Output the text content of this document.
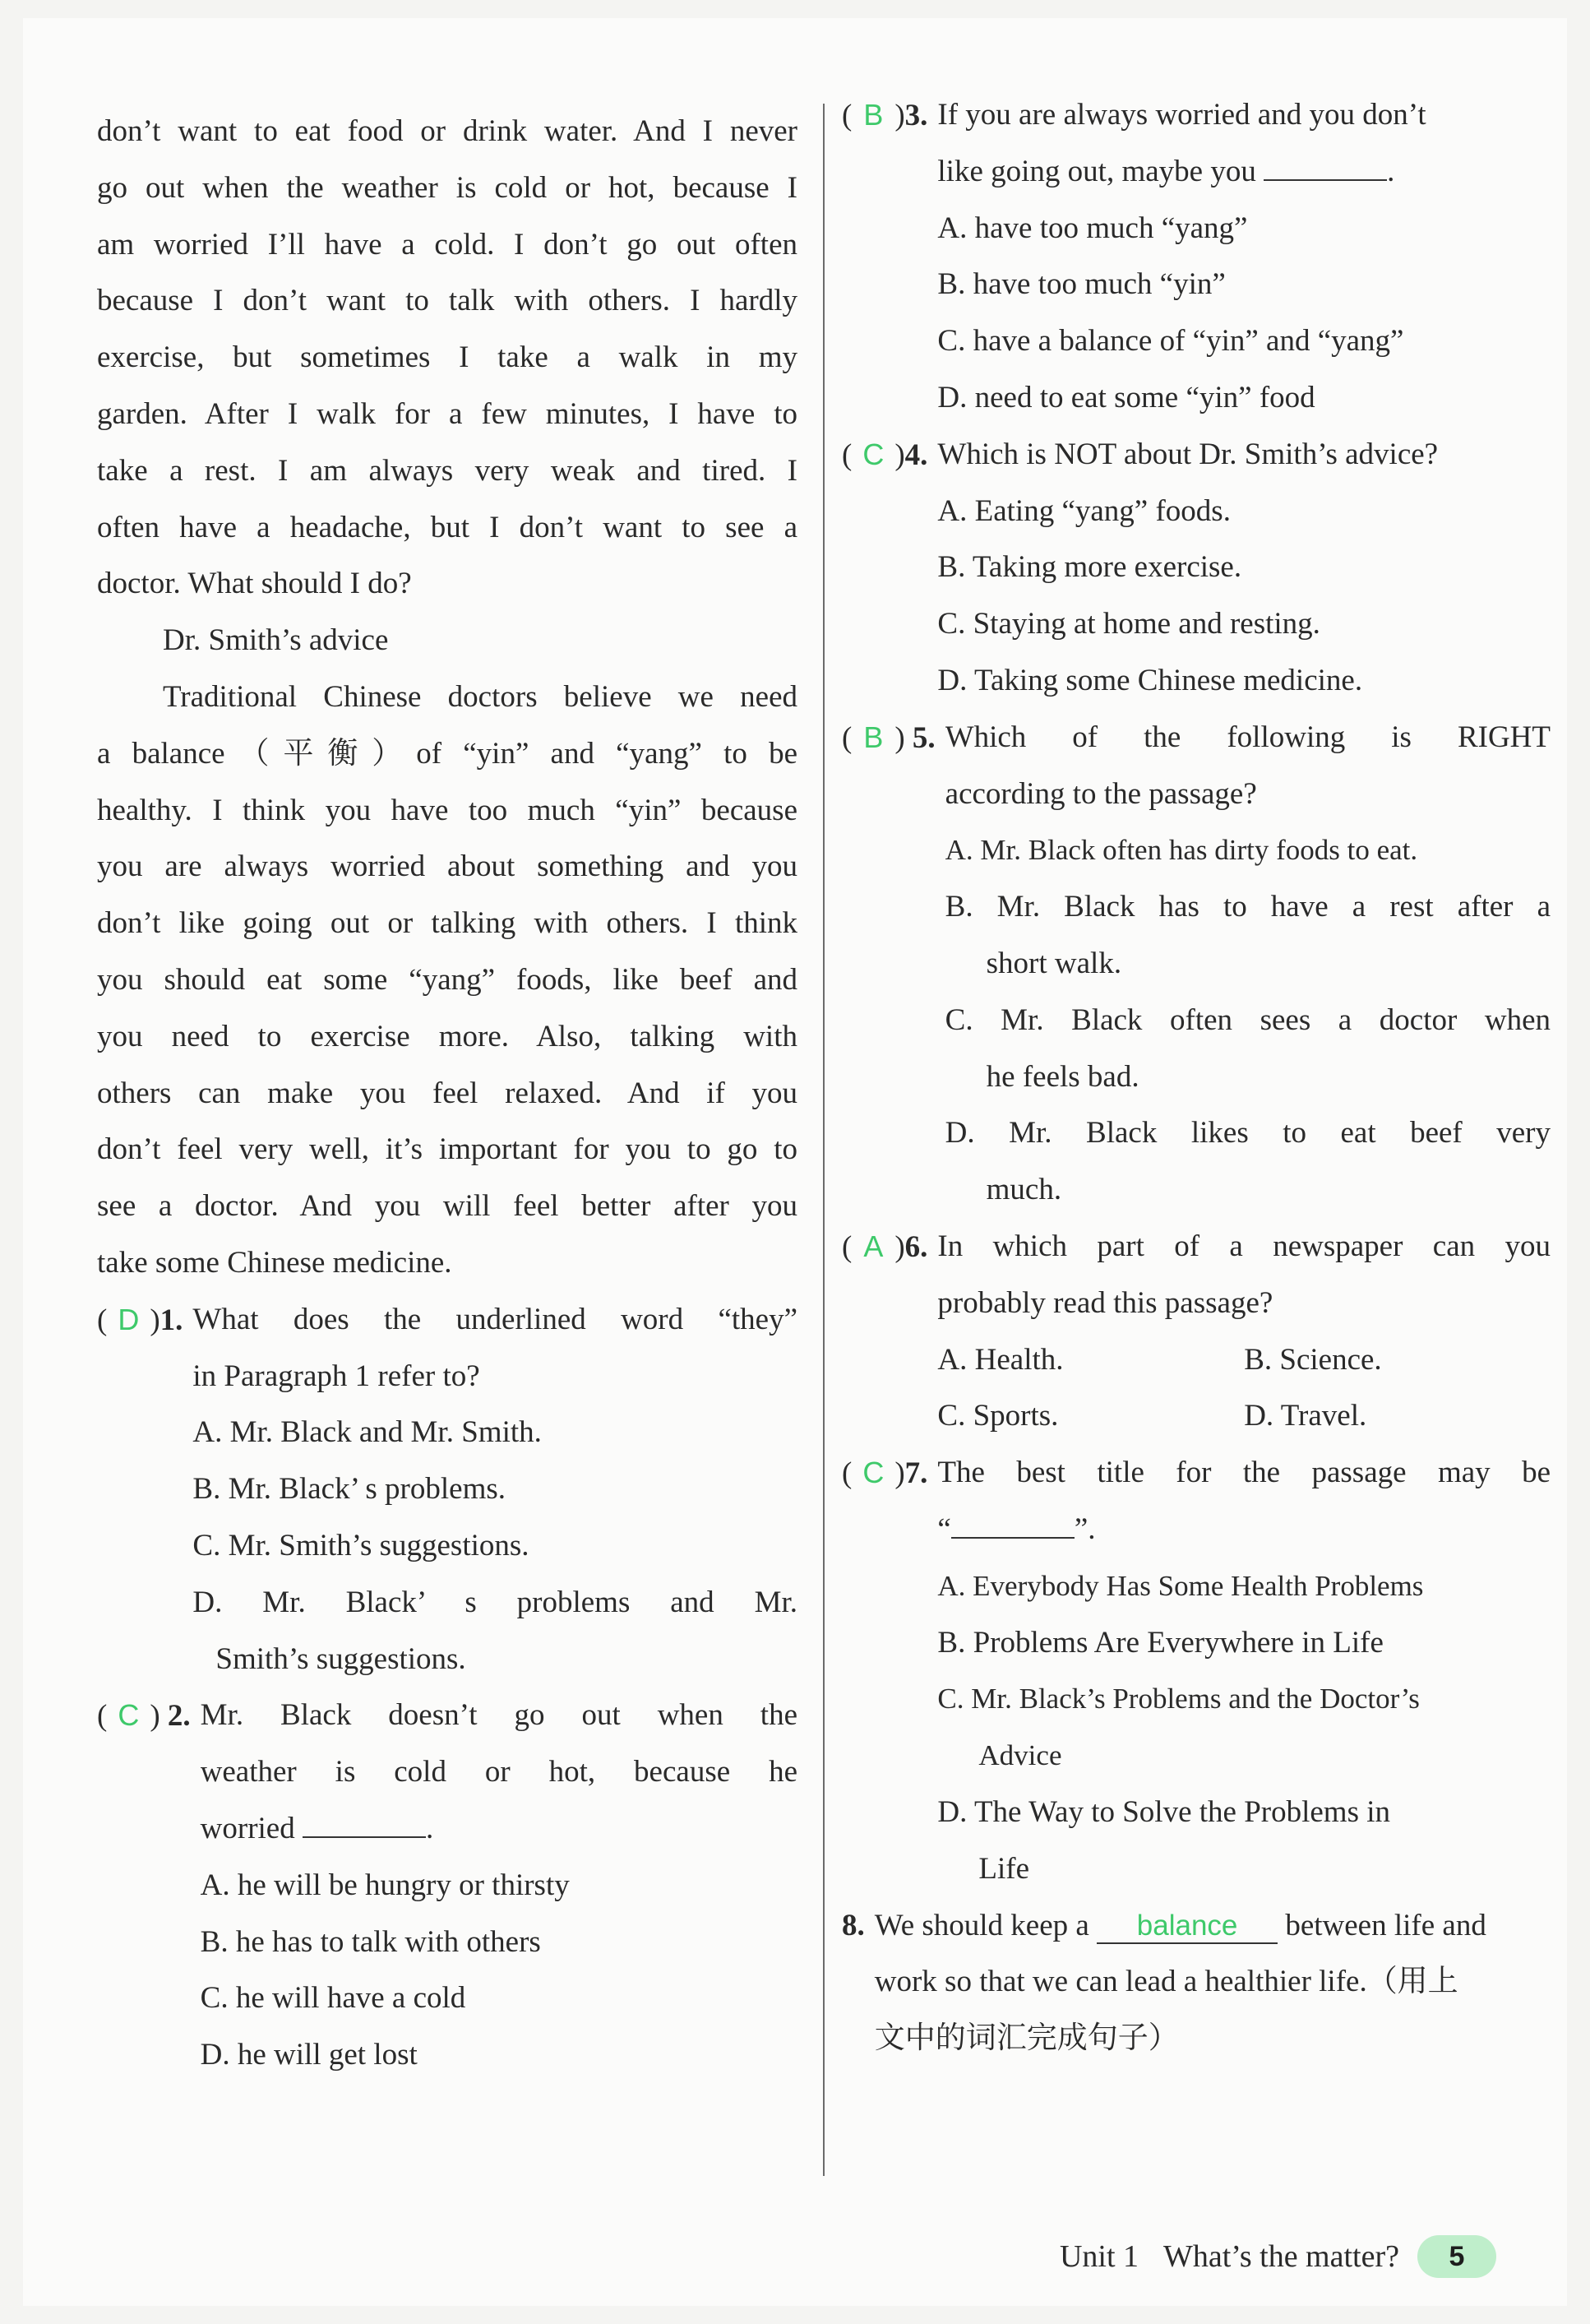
don’t want to eat food or drink water. And I never
go out when the weather is cold or hot, because I
am worried I’ll have a cold. I don’t go out often
because I don’t want to talk with others. I hardly
exercise, but sometimes I take a walk in my
garden. After I walk for a few minutes, I have to
take a rest. I am always very weak and tired. I
often have a headache, but I don’t want to see a
doctor. What should I do?
Dr. Smith’s advice
Traditional Chinese doctors believe we need
a balance（平衡）of “yin” and “yang” to be
healthy. I think you have too much “yin” because
you are always worried about something and you
don’t like going out or talking with others. I think
you should eat some “yang” foods, like beef and
you need to exercise more. Also, talking with
others can make you feel relaxed. And if you
don’t feel very well, it’s important for you to go to
see a doctor. And you will feel better after you
take some Chinese medicine.
( D )1. What does the underlined word “they”
in Paragraph 1 refer to?
A. Mr. Black and Mr. Smith.
B. Mr. Black’ s problems.
C. Mr. Smith’s suggestions.
D. Mr. Black’ s problems and Mr.
Smith’s suggestions.
( C ) 2. Mr. Black doesn’t go out when the
weather is cold or hot, because he
worried	.
A. he will be hungry or thirsty
B. he has to talk with others
C. he will have a cold
D. he will get lost
( B )3. If you are always worried and you don’t
like going out, maybe you	.
A. have too much “yang”
B. have too much “yin”
C. have a balance of “yin” and “yang”
D. need to eat some “yin” food
( C )4. Which is NOT about Dr. Smith’s advice?
A. Eating “yang” foods.
B. Taking more exercise.
C. Staying at home and resting.
D. Taking some Chinese medicine.
( B ) 5. Which of the following is RIGHT
according to the passage?
A. Mr. Black often has dirty foods to eat.
B. Mr. Black has to have a rest after a
short walk.
C. Mr. Black often sees a doctor when
he feels bad.
D. Mr. Black likes to eat beef very
much.
( A )6. In which part of a newspaper can you
probably read this passage?
A. Health.	B. Science.
C. Sports.	D. Travel.
( C )7. The best title for the passage may be
“	”.
A. Everybody Has Some Health Problems
B. Problems Are Everywhere in Life
C. Mr. Black’s Problems and the Doctor’s
Advice
D. The Way to Solve the Problems in
Life
8. We should keep a balance between life and
work so that we can lead a healthier life.（用上
文中的词汇完成句子）
Unit 1 What’s the matter?	5
